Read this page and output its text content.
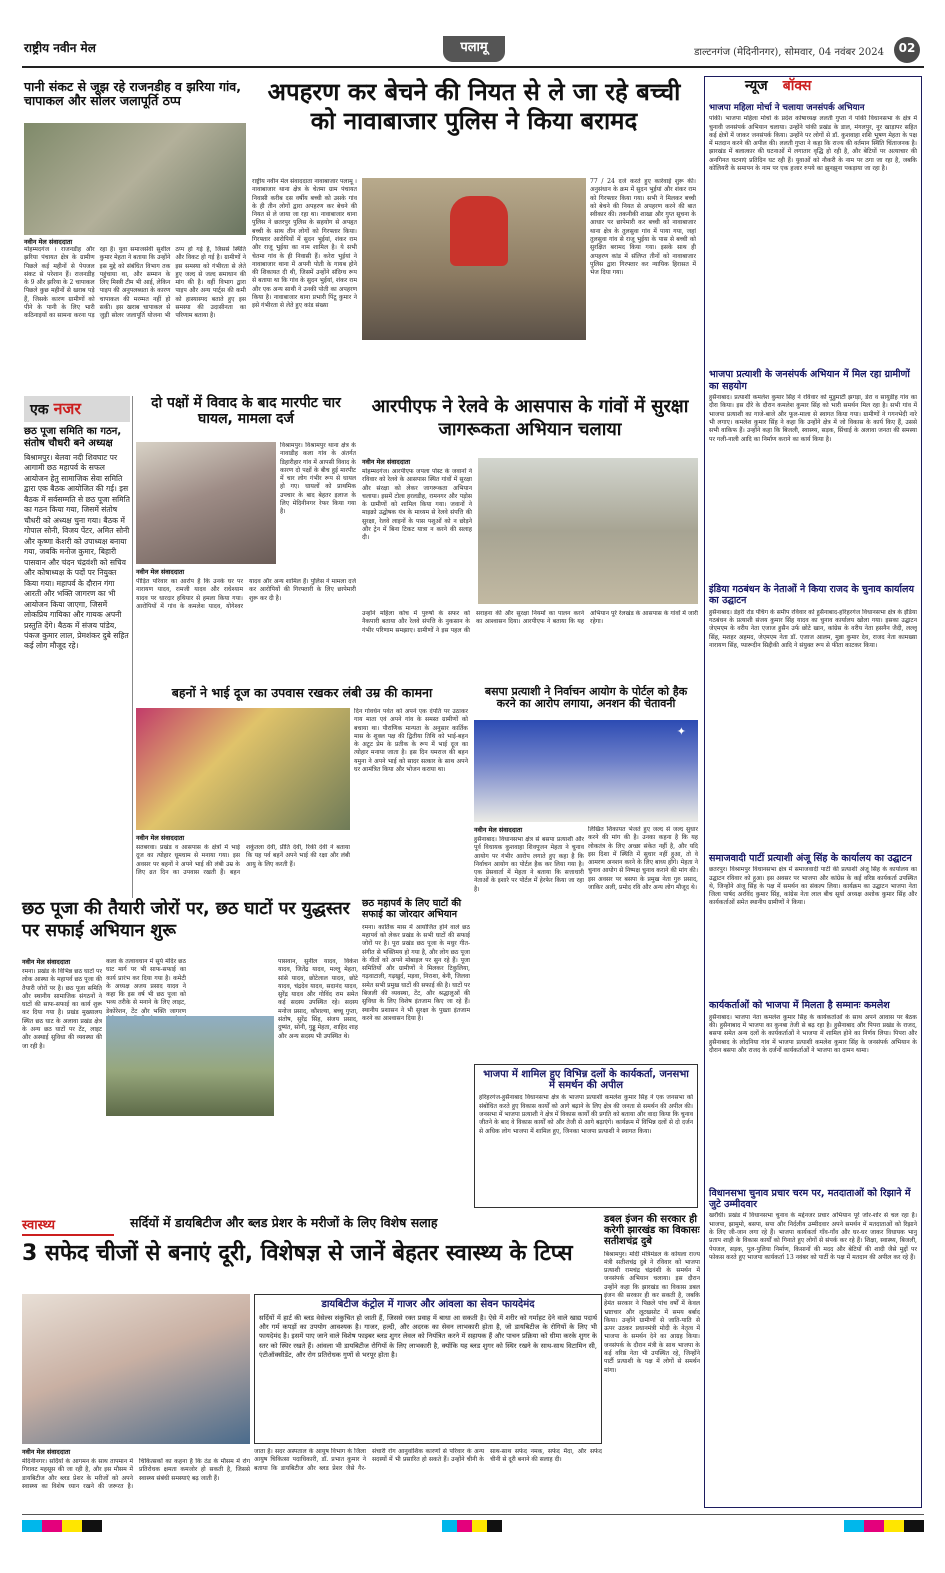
राष्ट्रीय नवीन मेल	पलामू	डाल्टनगंज (मेदिनीनगर), सोमवार, 04 नवंबर 2024	02
पानी संकट से जूझ रहे राजनडीह व झरिया गांव, चापाकल और सोलर जलापूर्ति ठप्प
नवीन मेल संवाददाता
मोहम्मदगंज । राजनडीह और झरिया पंचायत क्षेत्र के ग्रामीण पिछले कई महीनों से पेयजल संकट से परेशान हैं। राजनडीह के 9 और झरिया के 2 चापाकल पिछले कुछ महीनों से खराब पड़े हैं, जिसके कारण ग्रामीणों को पीने के पानी के लिए भारी कठिनाइयों का सामना करना पड़ रहा है। युवा समाजसेवी सुशील कुमार मेहता ने बताया कि उन्होंने इस मुद्दे को संबंधित विभाग तक पहुंचाया था, और सम्मान के लिए मिस्त्री टीम भी आई, लेकिन पाइप की अनुपलब्धता के कारण चापाकल की मरम्मत नहीं हो सकी। इस खराब चापाकल से जुड़ी सोलर जलापूर्ति योजना भी ठप्प हो गई है, जिससे स्थिति और विकट हो गई है। ग्रामीणों ने इस समस्या को गंभीरता से लेते हुए जल्द से जल्द समाधान की मांग की है। वहीं विभाग द्वारा पाइप और अन्य पार्ट्स की कमी को हास्यास्पद बताते हुए इस समस्या की उदासीनता का परिणाम बताया है।
अपहरण कर बेचने की नियत से ले जा रहे बच्ची को नावाबाजार पुलिस ने किया बरामद
राष्ट्रीय नवीन मेल संवाददाता नावाबाजार पलामू । नावाबाजार थाना क्षेत्र के चेतमा ग्राम पंचायत निवासी करीब दस वर्षीय बच्ची को उसके गांव के ही तीन लोगों द्वारा अपहरण कर बेचने की नियत से ले जाया जा रहा था। नावाबाजार थाना पुलिस ने छतरपुर पुलिस के सहयोग से अपहृत बच्ची के साथ तीन लोगों को गिरफ्तार किया। गिरफ्तार आरोपियों में सुदन भुईयां, शंकर राम और राजू भुईया का नाम शामिल है। ये सभी चेतमा गांव के ही निवासी हैं। करेरा भुईयां ने नावाबाजार थाना में अपनी पोती के गायब होने की शिकायत दी थी, जिसमें उन्होंने संदिग्ध रूप से बताया था कि गांव के सुदन भुईयां, शंकर राम और एक अन्य साथी ने उनकी पोती का अपहरण किया है। नावाबाजार थाना प्रभारी पिंटू कुमार ने इसे गंभीरता से लेते हुए कांड संख्या
77 / 24 दर्ज करते हुए कार्रवाई शुरू की। अनुसंधान के क्रम में सुदन भुईयां और शंकर राम को गिरफ्तार किया गया। सभी ने मिलकर बच्ची को बेचने की नियत से अपहरण करने की बात स्वीकार की। तकनीकी शाखा और गुप्त सूचना के आधार पर छापेमारी कर बच्ची को नावाबाजार थाना क्षेत्र के तुलसुवा गांव में पाया गया, जहां तुलसुवा गांव से राजू भुईया के पास से बच्ची को सुरक्षित बरामद किया गया। इसके साथ ही अपहरण कांड में संलिप्त तीनों को नावाबाजार पुलिस द्वारा गिरफ्तार कर न्यायिक हिरासत में भेज दिया गया।
न्यूज बॉक्स
भाजपा महिला मोर्चा ने चलाया जनसंपर्क अभियान
पांकी। भाजपा महिला मोर्चा के प्रदेश कोषाध्यक्ष ललती गुप्ता ने पांकी विधानसभा के क्षेत्र में चुनावी जनसंपर्क अभियान चलाया। उन्होंने पांकी प्रखंड के डाल, मंगलपुर, नूर खाड़ापर सहित कई क्षेत्रों में जाकर जनसंपर्क किया। उन्होंने पर लोगों से डॉ. कुशवाहा शशि भूषण मेहता के पक्ष में मतदान करने की अपील की। ललती गुप्ता ने कहा कि राज्य की वर्तमान स्थिति चिंताजनक है। झारखंड में बलात्कार की घटनाओं में लगातार वृद्धि हो रही है, और बेटियों पर अत्याचार की अनगिनत घटनाएं प्रतिदिन घट रही हैं। युवाओं को नौकरी के नाम पर ठगा जा रहा है, जबकि कोलियरी के समापन के नाम पर एक हजार रुपये का झुनझुना पकड़ाया जा रहा है।
भाजपा प्रत्याशी के जनसंपर्क अभियान में मिल रहा ग्रामीणों का सहयोग
हुसैनाबाद। प्रत्याशी कमलेश कुमार सिंह ने रविवार को मुडुमार्टी झगड़ा, डेरा व सायुडीह गांव का दौरा किया। इस दौरे के दौरान कमलेश कुमार सिंह को भारी समर्थन मिल रहा है। सभी गांव में भाजपा प्रत्याशी का गाजे-बाजे और फूल-माला से स्वागत किया गया। ग्रामीणों ने गगनभेदी नारे भी लगाए। कमलेश कुमार सिंह ने कहा कि उन्होंने क्षेत्र में जो विकास के कार्य किए हैं, उससे सभी वाकिफ हैं। उन्होंने कहा कि बिजली, स्वास्थ्य, सड़क, सिंचाई के अलावा जनता की समस्या पर गली-नाली आदि का निर्माण कराने का कार्य किया है।
इंडिया गठबंधन के नेताओं ने किया राजद के चुनाव कार्यालय का उद्घाटन
हुसैनाबाद। डेहरी रोड पंचिंग के समीप रविवार को हुसैनाबाद-हरिहरगंज विधानसभा क्षेत्र के इंडिया गठबंधन के प्रत्याशी संजय कुमार सिंह यादव का चुनाव कार्यालय खोला गया। इसका उद्घाटन जेएमएम के वरीय नेता एजाज हुसैन उर्फ छोटे खान, कांग्रेस के वरीय नेता हसनैन जैदी, लल्लू सिंह, मशहर अहमद, जेएमएम नेता डॉ. एजाज आलम, मुन्ना कुमार देव, राजद नेता कामख्या नारायण सिंह, प्यारूदीन सिद्दीकी आदि ने संयुक्त रूप से फीता काटकर किया।
समाजवादी पार्टी प्रत्याशी अंजू सिंह के कार्यालय का उद्घाटन
छतरपुर। विश्रामपुर विधानसभा क्षेत्र में समाजवादी पार्टी की प्रत्याशी अंजू सिंह के कार्यालय का उद्घाटन रविवार को हुआ। इस अवसर पर भाजपा और कांग्रेस के कई वरिष्ठ कार्यकर्ता उपस्थित थे, जिन्होंने अंजू सिंह के पक्ष में समर्थन का संकल्प लिया। कार्यक्रम का उद्घाटन भाजपा नेता जिला पार्षद अरविंद कुमार सिंह, कांग्रेस नेता लाल बीच सूर्या अध्यक्ष अशोक कुमार सिंह और कार्यकर्ताओं समेत स्थानीय ग्रामीणों ने किया।
कार्यकर्ताओं को भाजपा में मिलता है सम्मानः कमलेश
हुसैनाबाद। भाजपा नेता कमलेश कुमार सिंह के कार्यकर्ताओं के साथ अपने आवास पर बैठक की। हुसैनाबाद में भाजपा का कुनबा तेजी से बढ़ रहा है। हुसैनाबाद और पिपरा प्रखंड के राजद, बसपा समेत अन्य दलों के कार्यकर्ताओं ने भाजपा में शामिल होने का निर्णय लिया। पिपरा और हुसैनाबाद के लोदनिया गांव में भाजपा प्रत्याशी कमलेश कुमार सिंह के जनसंपर्क अभियान के दौरान बसपा और राजद के दर्जनों कार्यकर्ताओं ने भाजपा का दामन थामा।
विधानसभा चुनाव प्रचार चरम पर, मतदाताओं को रिझाने में जुटे उम्मीदवार
खरौंधी। प्रखंड में विधानसभा चुनाव के मद्देनजर प्रचार अभियान पूरे जोर-शोर से चल रहा है। भाजपा, झामुमो, बसपा, सपा और निर्दलीय उम्मीदवार अपने समर्थन में मतदाताओं को रिझाने के लिए जी-जान लगा रहे हैं। भाजपा कार्यकर्ता गाँव-गाँव और घर-घर जाकर विधायक भानु प्रताप शाही के विकास कार्यों को गिनाते हुए लोगों से संपर्क कर रहे हैं। शिक्षा, स्वास्थ्य, बिजली, पेयजल, सड़क, पुल-पुलिया निर्माण, किसानों की मदद और बेटियों की शादी जैसे मुद्दों पर फोकस करते हुए भाजपा कार्यकर्ता 13 नवंबर को पार्टी के पक्ष में मतदान की अपील कर रहे हैं।
एक नजर
छठ पूजा समिति का गठन, संतोष चौधरी बने अध्यक्ष
बिश्रामपुर। बेलवा नदी शिवघाट पर आगामी छठ महापर्व के सफल आयोजन हेतु सामाजिक सेवा समिति द्वारा एक बैठक आयोजित की गई। इस बैठक में सर्वसम्मति से छठ पूजा समिति का गठन किया गया, जिसमें संतोष चौधरी को अध्यक्ष चुना गया। बैठक में गोपाल सोनी, विजय पेंटर, अमित सोनी और कृष्णा केशरी को उपाध्यक्ष बनाया गया, जबकि मनोज कुमार, बिहारी पासवान और चंदन चंद्रवंशी को सचिव और कोषाध्यक्ष के पदों पर नियुक्त किया गया। महापर्व के दौरान गंगा आरती और भक्ति जागरण का भी आयोजन किया जाएगा, जिसमें लोकप्रिय गायिका और गायक अपनी प्रस्तुति देंगे। बैठक में संजय पांडेय, पंकज कुमार लाल, प्रेमशंकर दुबे सहित कई लोग मौजूद रहे।
दो पक्षों में विवाद के बाद मारपीट चार घायल, मामला दर्ज
विश्रामपुर। विश्रामपुर थाना क्षेत्र के नावाडीह कला गांव के अंतर्गत डिहारीहार गांव में आपसी विवाद के कारण दो पक्षों के बीच हुई मारपीट में चार लोग गंभीर रूप से घायल हो गए। घायलों को प्राथमिक उपचार के बाद बेहतर इलाज के लिए मेदिनीनगर रेफर किया गया है।
नवीन मेल संवाददाता
पीड़ित परिवार का आरोप है कि उनके घर पर नारायण यादव, रामजी यादव और राधेश्याम यादव पर धारदार हथियार से हमला किया गया। आरोपियों में गांव के कमलेश यादव, योगेश्वर यादव और अन्य शामिल हैं। पुलिस ने मामला दर्ज कर आरोपियों की गिरफ्तारी के लिए छापेमारी शुरू कर दी है।
आरपीएफ ने रेलवे के आसपास के गांवों में सुरक्षा जागरूकता अभियान चलाया
नवीन मेल संवाददाता
मोहम्मदगंज। आरपीएफ जपला पोस्ट के जवानों ने रविवार को रेलवे के आसपास स्थित गांवों में सुरक्षा और संरक्षा को लेकर जागरूकता अभियान चलाया। इसमें टोला हरलडीह, रामनगर और पड़ोस के ग्रामीणों को शामिल किया गया। जवानों ने माइक्रो उद्घोषक यंत्र के माध्यम से रेलवे संपत्ति की सुरक्षा, रेलवे लाइनों के पास पशुओं को न छोड़ने और ट्रेन में बिना टिकट यात्रा न करने की सलाह दी।
उन्होंने महिला कोच में पुरुषों के सफर को नैकपारी बताया और रेलवे संपत्ति के नुकसान के गंभीर परिणाम समझाए। ग्रामीणों ने इस पहल की सराहना की और सुरक्षा नियमों का पालन करने का आश्वासन दिया। आरपीएफ ने बताया कि यह अभियान पूरे रेलखंड के आसपास के गांवों में जारी रहेगा।
बहनों ने भाई दूज का उपवास रखकर लंबी उम्र की कामना
दिन गोवर्धन पर्वत को अपने एक दंपति पर उठाकर गाय माता एवं अपने गांव के समस्त ग्रामीणों को बचाया था। पौराणिक मान्यता के अनुसार कार्तिक मास के शुक्ल पक्ष की द्वितीया तिथि को भाई-बहन के अटूट प्रेम के प्रतीक के रूप में भाई दूज का त्योहार मनाया जाता है। इस दिन यमराज की बहन यमुना ने अपने भाई को सादर सत्कार के साथ अपने घर आमंत्रित किया और भोजन कराया था।
नवीन मेल संवाददाता
सतबरवा। प्रखंड व आसपास के क्षेत्रों में भाई दूज का त्योहार धूमधाम से मनाया गया। इस अवसर पर बहनों ने अपने भाई की लंबी उम्र के लिए व्रत दिन का उपवास रखती हैं। बहन शकुंतला देवी, प्रीति देवी, रिंकी देवी ने बताया कि यह पर्व बहनें अपने भाई की रक्षा और लंबी आयु के लिए करती हैं।
बसपा प्रत्याशी ने निर्वाचन आयोग के पोर्टल को हैक करने का आरोप लगाया, अनशन की चेतावनी
✦
नवीन मेल संवाददाता
हुसैनाबाद। विधानसभा क्षेत्र से बसपा प्रत्याशी और पूर्व विधायक कुशवाहा शिवपूजन मेहता ने चुनाव आयोग पर गंभीर आरोप लगाते हुए कहा है कि निर्वाचन आयोग का पोर्टल हैक कर लिया गया है। एक प्रेसवार्ता में मेहता ने बताया कि सत्ताधारी नेताओं के इशारे पर पोर्टल में हेरफेर किया जा रहा है।
लिखित शिकायत भेजते हुए जल्द से जल्द सुधार करने की मांग की है। उनका कहना है कि यह लोकतंत्र के लिए अच्छा संकेत नहीं है, और यदि इस दिशा में स्थिति में सुधार नहीं हुआ, तो वे आमरण अनशन करने के लिए बाध्य होंगे। मेहता ने चुनाव आयोग से निष्पक्ष चुनाव कराने की मांग की। इस अवसर पर बसपा के प्रमुख नेता गुरु प्रसाद, जाकिर अली, प्रमोद रवि और अन्य लोग मौजूद थे।
छठ पूजा की तैयारी जोरों पर, छठ घाटों पर युद्धस्तर पर सफाई अभियान शुरू
नवीन मेल संवाददाता
रमना। प्रखंड के विभिन्न छठ घाटों पर लोक आस्था के महापर्व छठ पूजा की तैयारी जोरों पर है। छठ पूजा समिति और स्थानीय सामाजिक संगठनों ने घाटों की साफ-सफाई का कार्य शुरू कर दिया गया है। प्रखंड मुख्यालय स्थित छठ घाट के अलावा प्रखंड क्षेत्र के अन्य छठ घाटों पर टेंट, लाइट और अस्थाई सुविधा की व्यवस्था की जा रही है।
कला के तत्वावधान में सूर्य मंदिर छठ घाट मार्ग पर भी साफ-सफाई का कार्य प्रारंभ कर दिया गया है। कमेटी के अध्यक्ष अजय प्रसाद यादव ने कहा कि इस वर्ष भी छठ पूजा को भव्य तरीके से मनाने के लिए लाइट, डेकोरेशन, टेंट और भक्ति जागरण
पासवान, सुनील यादव, विकेश यादव, जितेंद्र यादव, मल्लू मेहता, सांसे यादव, छोटेलाल यादव, छोटे यादव, चंद्रदेव यादव, सदानंद यादव, सुरेंद्र यादव और गोविंद राम समेत कई सदस्य उपस्थित रहे। सदस्य मनोज प्रसाद, कौशल्या, बच्चू गुप्ता, संतोष, सुरेंद्र सिंह, संजय प्रसाद, दुष्यंत, सोनी, गुड्डू मेहता, शाहिद शाह और अन्य सदस्य भी उपस्थित थे।
छठ महापर्व के लिए घाटों की सफाई का जोरदार अभियान
रमना। कार्तिक मास में आयोजित होने वाले छठ महापर्व को लेकर प्रखंड के सभी घाटों की सफाई जोरों पर है। पूरा प्रखंड छठ पूजा के मधुर गीत-संगीत से भक्तिमय हो गया है, और लोग छठ पूजा के गीतों को अपने मोबाइल पर सुन रहे हैं। पूजा समितियों और ग्रामीणों ने मिलकर टिकुलिया, गढ़वाटाली, गढ़खुर्द, मड़वा, निराशा, बेनी, जिलवा समेत सभी प्रमुख घाटों की सफाई की है। घाटों पर बिजली की व्यवस्था, टेंट, और श्रद्धालुओं की सुविधा के लिए विशेष इंतजाम किए जा रहे हैं। स्थानीय प्रशासन ने भी सुरक्षा के पुख्ता इंतजाम करने का आश्वासन दिया है।
भाजपा में शामिल हुए विभिन्न दलों के कार्यकर्ता, जनसभा में समर्थन की अपील
हरिहरगंज-हुसैनाबाद विधानसभा क्षेत्र के भाजपा प्रत्याशी कमलेश कुमार सिंह ने एक जनसभा को संबोधित करते हुए विकास कार्यों को आगे बढ़ाने के लिए क्षेत्र की जनता से समर्थन की अपील की। जनसभा में भाजपा प्रत्याशी ने क्षेत्र में विकास कार्यों की प्रगति को बताया और वादा किया कि चुनाव जीतने के बाद वे विकास कार्यों को और तेजी से आगे बढ़ाएंगे। कार्यक्रम में विभिन्न दलों से दो दर्जन से अधिक लोग भाजपा में शामिल हुए, जिनका भाजपा प्रत्याशी ने स्वागत किया।
स्वास्थ्य	सर्दियों में डायबिटीज और ब्लड प्रेशर के मरीजों के लिए विशेष सलाह
3 सफेद चीजों से बनाएं दूरी, विशेषज्ञ से जानें बेहतर स्वास्थ्य के टिप्स
डायबिटीज कंट्रोल में गाजर और आंवला का सेवन फायदेमंद
सर्दियों में हार्ट की ब्लड वेसेल्स संकुचित हो जाती हैं, जिससे रक्त प्रवाह में बाधा आ सकती है। ऐसे में शरीर को गर्माहट देने वाले खाद्य पदार्थ और गर्म कपड़ों का उपयोग आवश्यक है। गाजर, हल्दी, और अदरक का सेवन लाभकारी होता है, जो डायबिटीज के रोगियों के लिए भी फायदेमंद है। इसमें पाए जाने वाले विशेष फाइबर ब्लड शुगर लेवल को नियंत्रित करने में सहायक हैं और पाचन प्रक्रिया को धीमा करके शुगर के स्तर को स्थिर रखते हैं। आंवला भी डायबिटीज रोगियों के लिए लाभकारी है, क्योंकि यह ब्लड शुगर को स्थिर रखने के साथ-साथ विटामिन सी, एंटीऑक्सीडेंट, और रोग प्रतिरोधक गुणों से भरपूर होता है।
नवीन मेल संवाददाता
मेदिनीनगर। सर्दियों के आगमन के साथ तापमान में गिरावट महसूस की जा रही है, और इस मौसम में डायबिटीज और ब्लड प्रेशर के मरीजों को अपने स्वास्थ्य का विशेष ध्यान रखने की जरूरत है। चिकित्सकों का कहना है कि ठंड के मौसम में रोग प्रतिरोधक क्षमता कमजोर हो सकती है, जिससे स्वास्थ्य संबंधी समस्याएं बढ़ जाती हैं।
जाता है। सदर अस्पताल के आयुष विभाग के जिला आयुष चिकित्सा पदाधिकारी, डॉ. प्रभात कुमार ने बताया कि डायबिटीज और ब्लड प्रेशर जैसे गैर-संचारी रोग आनुवांशिक कारणों से परिवार के अन्य सदस्यों में भी प्रसारित हो सकते हैं। उन्होंने चीनी के साथ-साथ सफेद नमक, सफेद मैदा, और सफेद चीनी से दूरी बनाने की सलाह दी।
डबल इंजन की सरकार ही करेगी झारखंड का विकासः सतीशचंद्र दुबे
बिश्रामपुर। मोदी मंत्रिमंडल के कोयला राज्य मंत्री सतीशचंद्र दुबे ने रविवार को भाजपा प्रत्याशी रामचंद्र चंद्रवंशी के समर्थन में जनसंपर्क अभियान चलाया। इस दौरान उन्होंने कहा कि झारखंड का विकास डबल इंजन की सरकार ही कर सकती है, जबकि हेमंत सरकार ने पिछले पांच वर्षों में केवल भ्रष्टाचार और लूटखसोट में समय बर्बाद किया। उन्होंने ग्रामीणों से जाति-पाति से ऊपर उठकर प्रधानमंत्री मोदी के नेतृत्व में भाजपा के समर्थन देने का आग्रह किया। जनसंपर्क के दौरान मंत्री के साथ भाजपा के कई वरिष्ठ नेता भी उपस्थित रहे, जिन्होंने पार्टी प्रत्याशी के पक्ष में लोगों से समर्थन मांगा।
